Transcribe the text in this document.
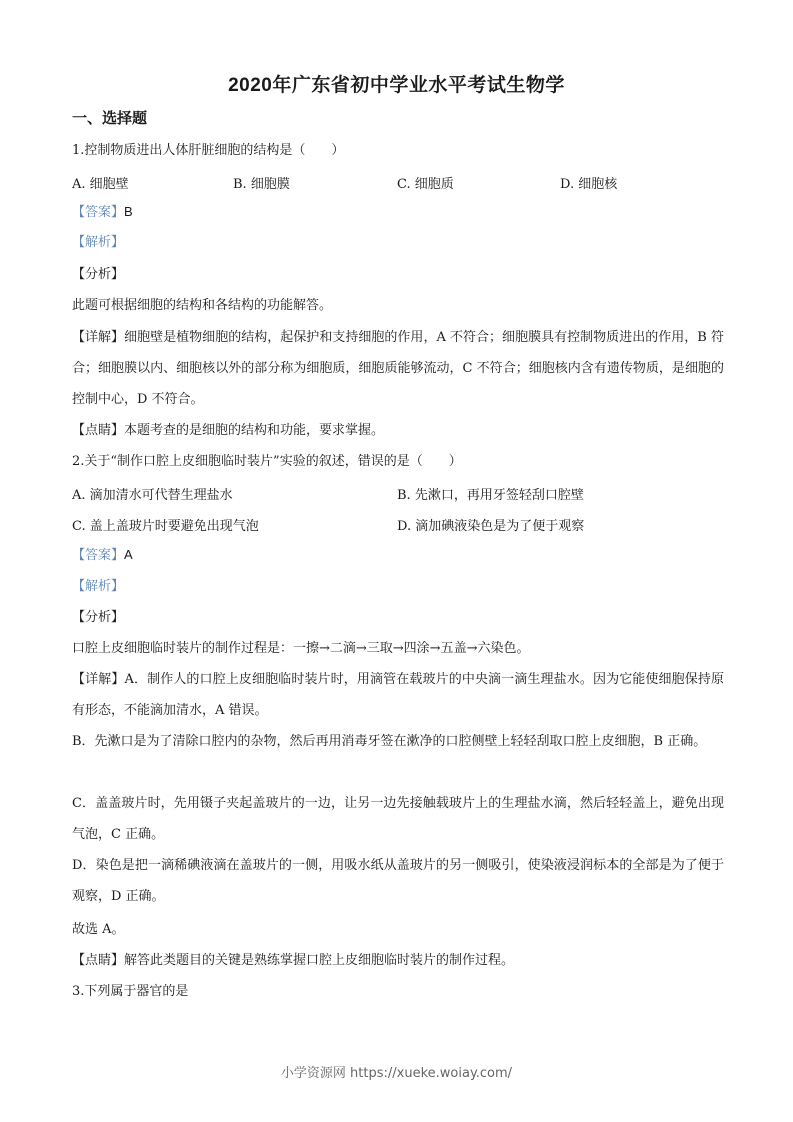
2020年广东省初中学业水平考试生物学
一、选择题
1.控制物质进出人体肝脏细胞的结构是（　　）
A. 细胞壁	B. 细胞膜	C. 细胞质	D. 细胞核
【答案】B
【解析】
【分析】
此题可根据细胞的结构和各结构的功能解答。
【详解】细胞壁是植物细胞的结构，起保护和支持细胞的作用，A 不符合；细胞膜具有控制物质进出的作用，B 符合；细胞膜以内、细胞核以外的部分称为细胞质，细胞质能够流动，C 不符合；细胞核内含有遗传物质，是细胞的控制中心，D 不符合。
【点睛】本题考查的是细胞的结构和功能，要求掌握。
2.关于“制作口腔上皮细胞临时装片”实验的叙述，错误的是（　　）
A. 滴加清水可代替生理盐水	B. 先漱口，再用牙签轻刮口腔壁
C. 盖上盖玻片时要避免出现气泡	D. 滴加碘液染色是为了便于观察
【答案】A
【解析】
【分析】
口腔上皮细胞临时装片的制作过程是：一擦→二滴→三取→四涂→五盖→六染色。
【详解】A．制作人的口腔上皮细胞临时装片时，用滴管在载玻片的中央滴一滴生理盐水。因为它能使细胞保持原有形态，不能滴加清水，A 错误。
B．先漱口是为了清除口腔内的杂物，然后再用消毒牙签在漱净的口腔侧壁上轻轻刮取口腔上皮细胞，B 正确。
C．盖盖玻片时，先用镊子夹起盖玻片的一边，让另一边先接触载玻片上的生理盐水滴，然后轻轻盖上，避免出现气泡，C 正确。
D．染色是把一滴稀碘液滴在盖玻片的一侧，用吸水纸从盖玻片的另一侧吸引，使染液浸润标本的全部是为了便于观察，D 正确。
故选 A。
【点睛】解答此类题目的关键是熟练掌握口腔上皮细胞临时装片的制作过程。
3.下列属于器官的是
小学资源网 https://xueke.woiay.com/
